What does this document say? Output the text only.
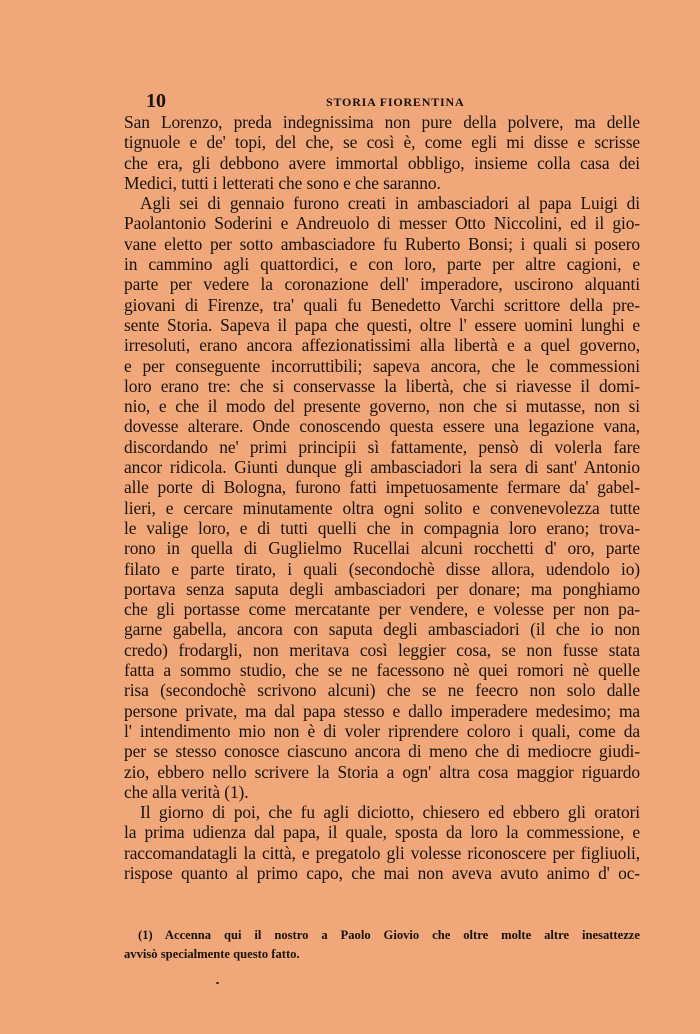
10	STORIA FIORENTINA
San Lorenzo, preda indegnissima non pure della polvere, ma delle
tignuole e de' topi, del che, se così è, come egli mi disse e scrisse
che era, gli debbono avere immortal obbligo, insieme colla casa dei
Medici, tutti i letterati che sono e che saranno.
Agli sei di gennaio furono creati in ambasciadori al papa Luigi di
Paolantonio Soderini e Andreuolo di messer Otto Niccolini, ed il gio-
vane eletto per sotto ambasciadore fu Ruberto Bonsi; i quali si posero
in cammino agli quattordici, e con loro, parte per altre cagioni, e
parte per vedere la coronazione dell' imperadore, uscirono alquanti
giovani di Firenze, tra' quali fu Benedetto Varchi scrittore della pre-
sente Storia. Sapeva il papa che questi, oltre l' essere uomini lunghi e
irresoluti, erano ancora affezionatissimi alla libertà e a quel governo,
e per conseguente incorruttibili; sapeva ancora, che le commessioni
loro erano tre: che si conservasse la libertà, che si riavesse il domi-
nio, e che il modo del presente governo, non che si mutasse, non si
dovesse alterare. Onde conoscendo questa essere una legazione vana,
discordando ne' primi principii sì fattamente, pensò di volerla fare
ancor ridicola. Giunti dunque gli ambasciadori la sera di sant' Antonio
alle porte di Bologna, furono fatti impetuosamente fermare da' gabel-
lieri, e cercare minutamente oltra ogni solito e convenevolezza tutte
le valige loro, e di tutti quelli che in compagnia loro erano; trova-
rono in quella di Guglielmo Rucellai alcuni rocchetti d' oro, parte
filato e parte tirato, i quali (secondochè disse allora, udendolo io)
portava senza saputa degli ambasciadori per donare; ma ponghiamo
che gli portasse come mercatante per vendere, e volesse per non pa-
garne gabella, ancora con saputa degli ambasciadori (il che io non
credo) frodargli, non meritava così leggier cosa, se non fusse stata
fatta a sommo studio, che se ne facessono nè quei romori nè quelle
risa (secondochè scrivono alcuni) che se ne feecro non solo dalle
persone private, ma dal papa stesso e dallo imperadere medesimo; ma
l' intendimento mio non è di voler riprendere coloro i quali, come da
per se stesso conosce ciascuno ancora di meno che di mediocre giudi-
zio, ebbero nello scrivere la Storia a ogn' altra cosa maggior riguardo
che alla verità (1).
Il giorno di poi, che fu agli diciotto, chiesero ed ebbero gli oratori
la prima udienza dal papa, il quale, sposta da loro la commessione, e
raccomandatagli la città, e pregatolo gli volesse riconoscere per figliuoli,
rispose quanto al primo capo, che mai non aveva avuto animo d' oc-
(1) Accenna qui il nostro a Paolo Giovio che oltre molte altre inesattezze
avvisò specialmente questo fatto.
